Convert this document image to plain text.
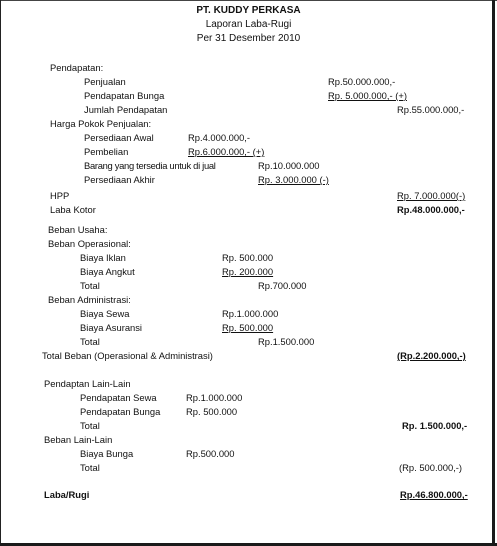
PT. KUDDY PERKASA
Laporan Laba-Rugi
Per 31 Desember 2010
Pendapatan:
Penjualan	Rp.50.000.000,-
Pendapatan Bunga	Rp. 5.000.000,- (+)
Jumlah Pendapatan	Rp.55.000.000,-
Harga Pokok Penjualan:
Persediaan Awal	Rp.4.000.000,-
Pembelian	Rp.6.000.000,- (+)
Barang yang tersedia untuk di jual	Rp.10.000.000
Persediaan Akhir	Rp. 3.000.000 (-)
HPP	Rp. 7.000.000(-)
Laba Kotor	Rp.48.000.000,-
Beban Usaha:
Beban Operasional:
Biaya Iklan	Rp. 500.000
Biaya Angkut	Rp. 200.000
Total	Rp.700.000
Beban Administrasi:
Biaya Sewa	Rp.1.000.000
Biaya Asuransi	Rp. 500.000
Total	Rp.1.500.000
Total Beban (Operasional & Administrasi)	(Rp.2.200.000,-)
Pendaptan Lain-Lain
Pendapatan Sewa	Rp.1.000.000
Pendapatan Bunga	Rp. 500.000
Total	Rp. 1.500.000,-
Beban Lain-Lain
Biaya Bunga	Rp.500.000
Total	(Rp. 500.000,-)
Laba/Rugi	Rp.46.800.000,-
